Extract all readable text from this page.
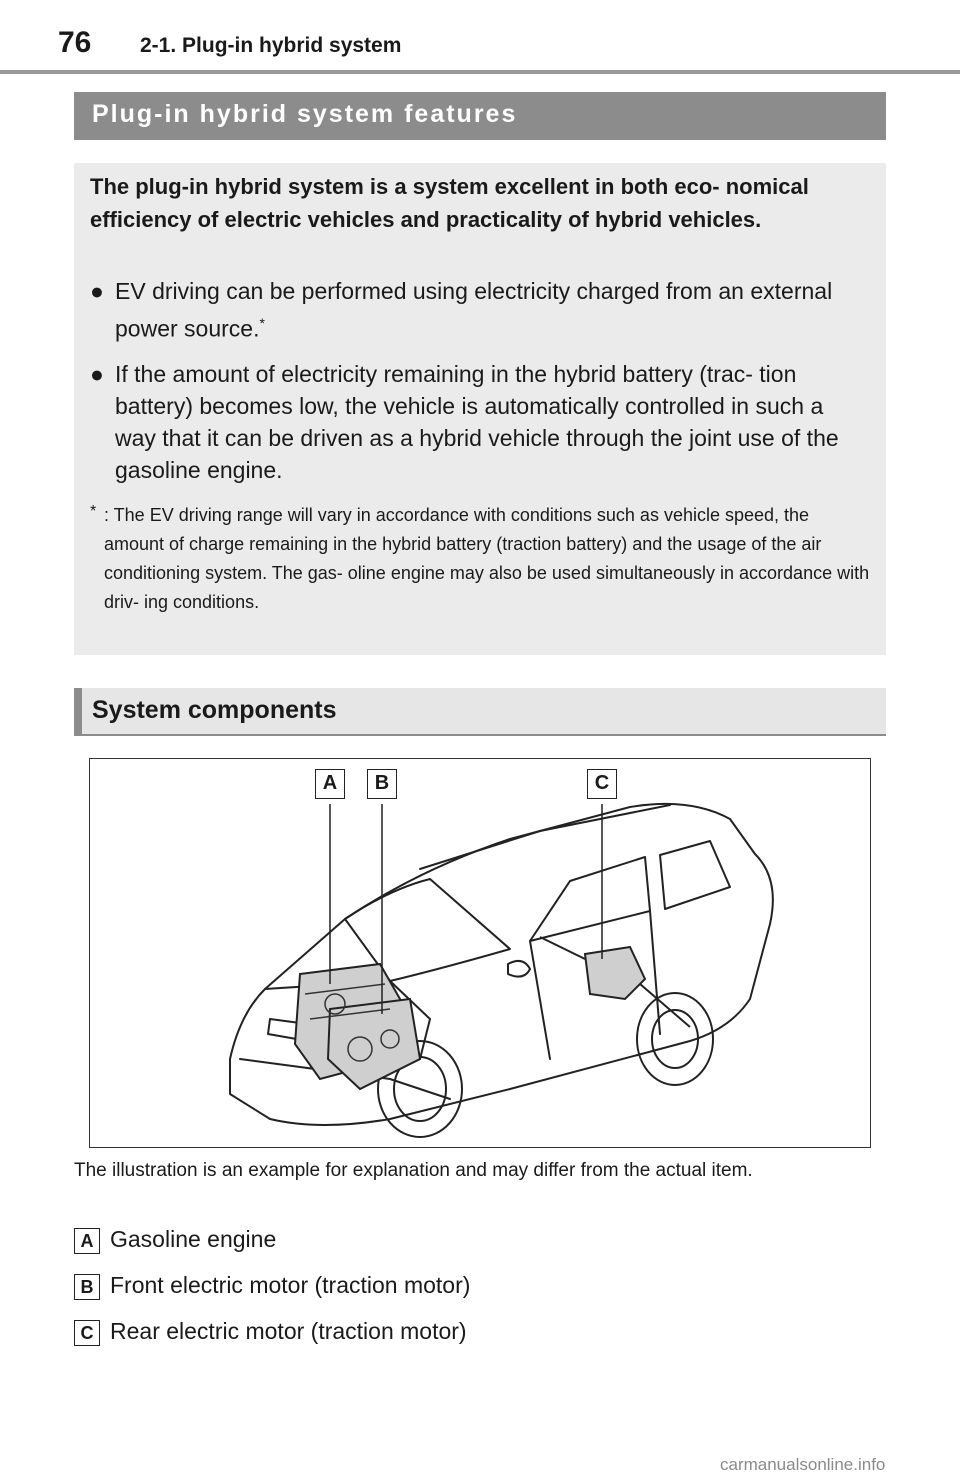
76 2-1. Plug-in hybrid system
Plug-in hybrid system features
The plug-in hybrid system is a system excellent in both eco- nomical efficiency of electric vehicles and practicality of hybrid vehicles.
● EV driving can be performed using electricity charged from an external power source.*
● If the amount of electricity remaining in the hybrid battery (trac- tion battery) becomes low, the vehicle is automatically controlled in such a way that it can be driven as a hybrid vehicle through the joint use of the gasoline engine.
* : The EV driving range will vary in accordance with conditions such as vehicle speed, the amount of charge remaining in the hybrid battery (traction battery) and the usage of the air conditioning system. The gas- oline engine may also be used simultaneously in accordance with driv- ing conditions.
System components
A	B	C
The illustration is an example for explanation and may differ from the actual item.
A Gasoline engine
B Front electric motor (traction motor)
C Rear electric motor (traction motor)
carmanualsonline.info
